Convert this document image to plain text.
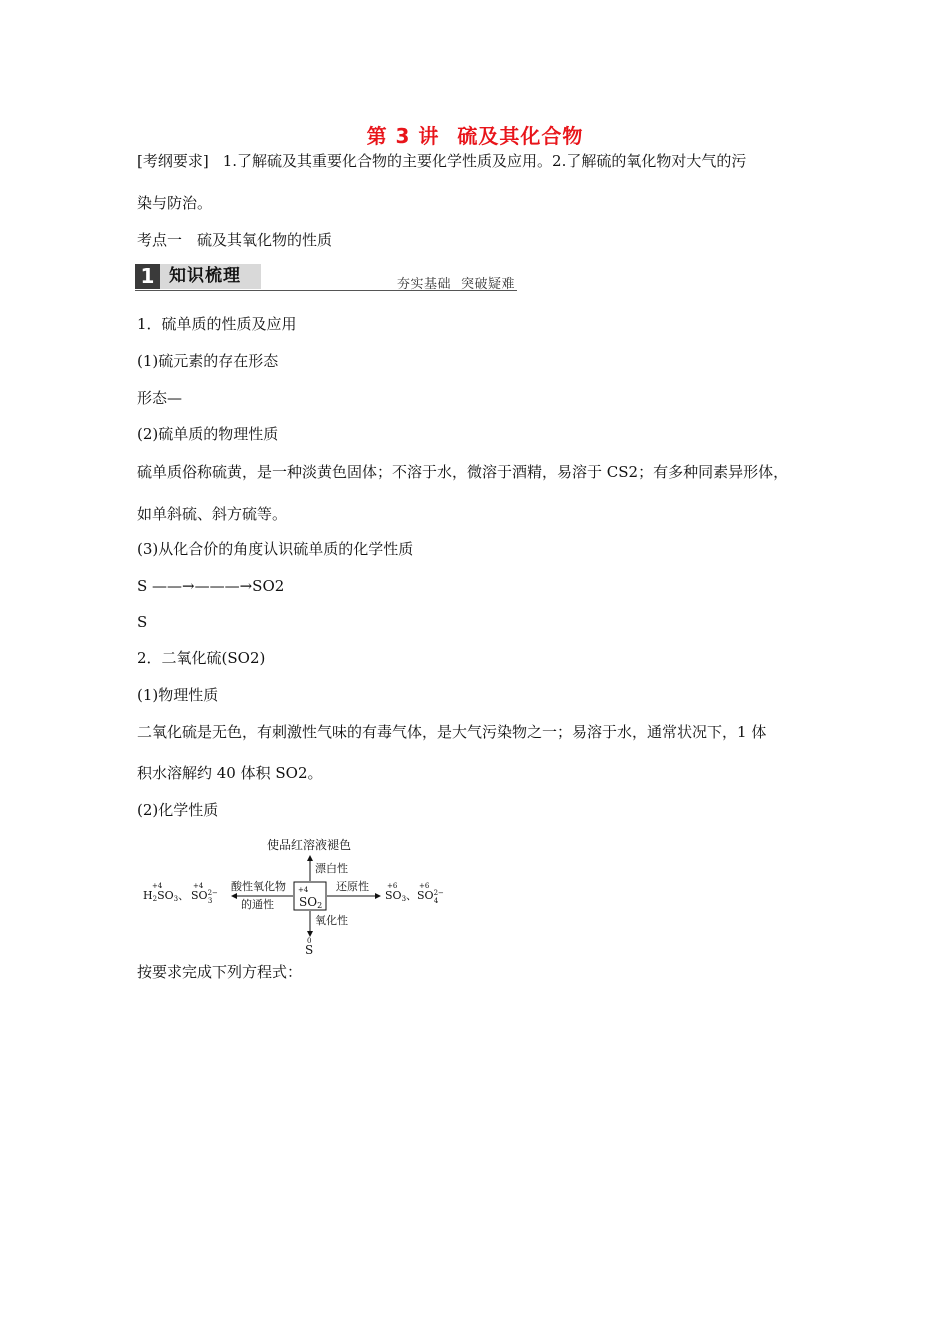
第 3 讲 硫及其化合物
[考纲要求] 1.了解硫及其重要化合物的主要化学性质及应用。2.了解硫的氧化物对大气的污
染与防治。
考点一　硫及其氧化物的性质
1 知识梳理	夯实基础 突破疑难
1．硫单质的性质及应用
(1)硫元素的存在形态
形态—
(2)硫单质的物理性质
硫单质俗称硫黄，是一种淡黄色固体；不溶于水，微溶于酒精，易溶于 CS2；有多种同素异形体，
如单斜硫、斜方硫等。
(3)从化合价的角度认识硫单质的化学性质
S ——→———→SO2
S
2．二氧化硫(SO2)
(1)物理性质
二氧化硫是无色，有刺激性气味的有毒气体，是大气污染物之一；易溶于水，通常状况下，1 体
积水溶解约 40 体积 SO2。
(2)化学性质
使品红溶液褪色
漂白性
+4
SO2
酸性氧化物
的通性
还原性
氧化性
+4
H2SO3、
+4
$SO^{2-}$ 3
+6
SO3、
+6
$SO^{2-}$ 4
0
S
按要求完成下列方程式：
